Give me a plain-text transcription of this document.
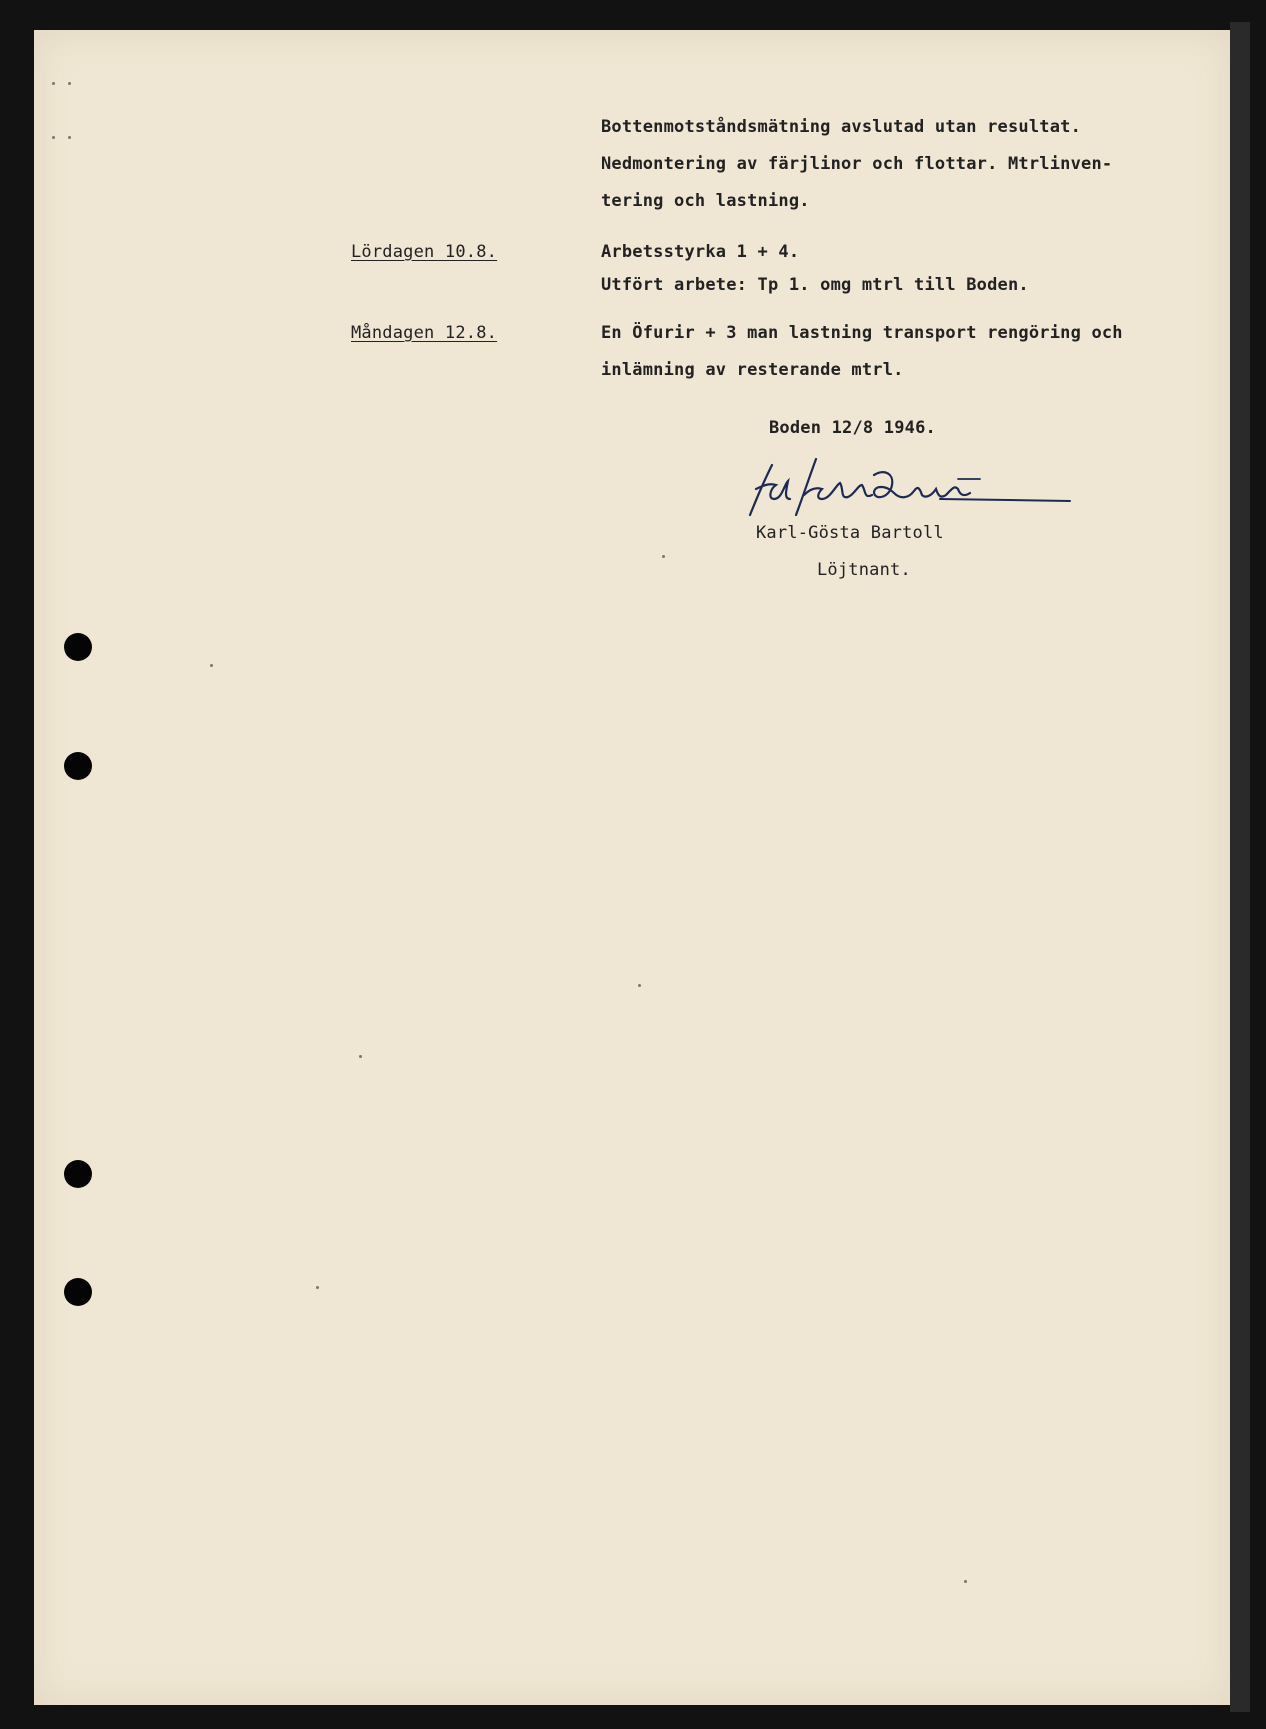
Bottenmotståndsmätning avslutad utan resultat.
Nedmontering av färjlinor och flottar. Mtrlinven-
tering och lastning.
Lördagen 10.8.	Arbetsstyrka 1 + 4.
Utfört arbete: Tp 1. omg mtrl till Boden.
Måndagen 12.8.	En Öfurir + 3 man lastning transport rengöring och
inlämning av resterande mtrl.
Boden 12/8 1946.
Karl-Gösta Bartoll
Löjtnant.
